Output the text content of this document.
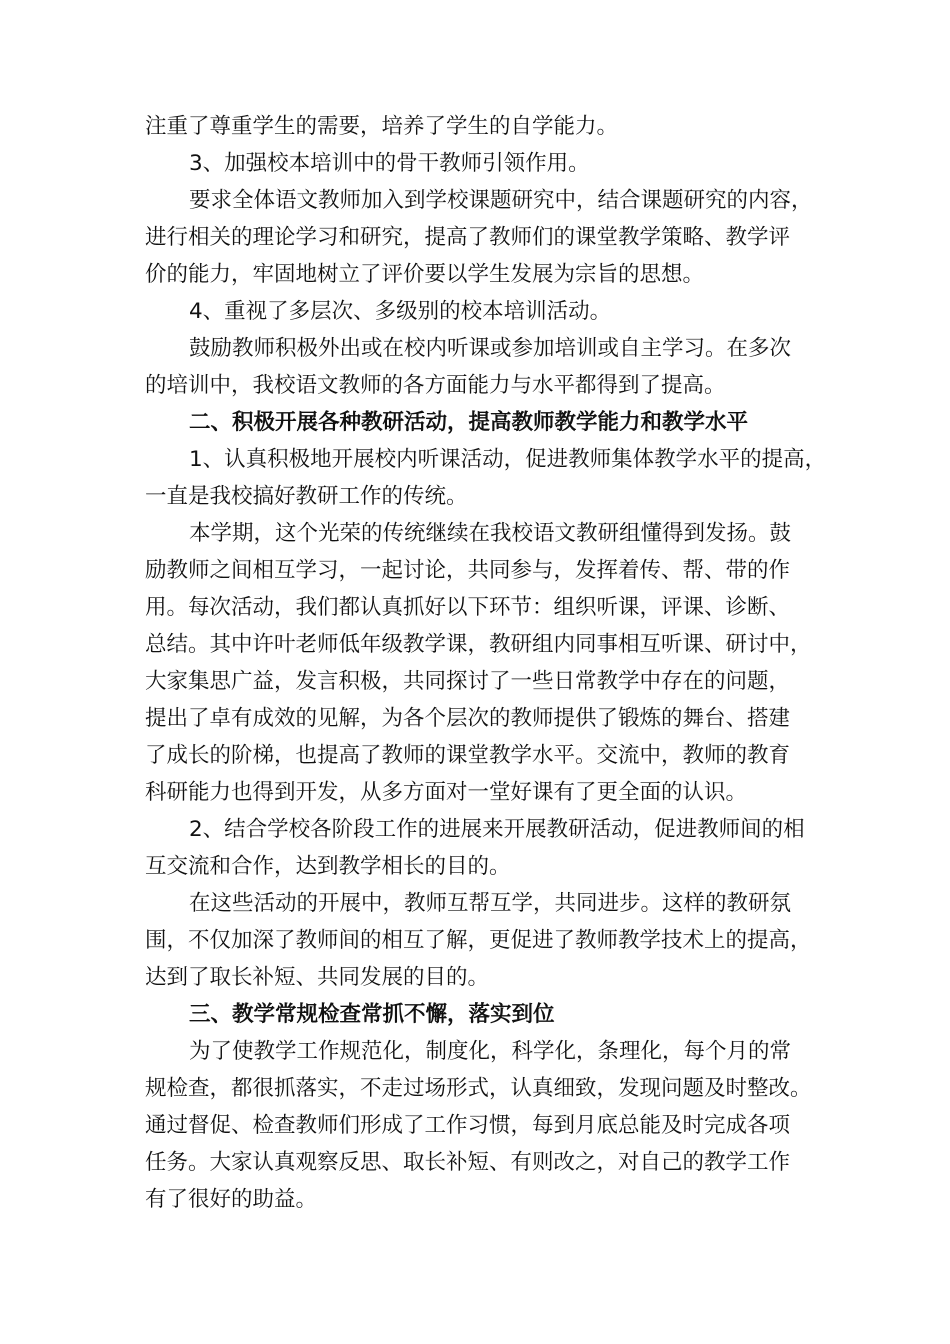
注重了尊重学生的需要，培养了学生的自学能力。
3、加强校本培训中的骨干教师引领作用。
要求全体语文教师加入到学校课题研究中，结合课题研究的内容，
进行相关的理论学习和研究，提高了教师们的课堂教学策略、教学评
价的能力，牢固地树立了评价要以学生发展为宗旨的思想。
4、重视了多层次、多级别的校本培训活动。
鼓励教师积极外出或在校内听课或参加培训或自主学习。在多次
的培训中，我校语文教师的各方面能力与水平都得到了提高。
二、积极开展各种教研活动，提高教师教学能力和教学水平
1、认真积极地开展校内听课活动，促进教师集体教学水平的提高，
一直是我校搞好教研工作的传统。
本学期，这个光荣的传统继续在我校语文教研组懂得到发扬。鼓
励教师之间相互学习，一起讨论，共同参与，发挥着传、帮、带的作
用。每次活动，我们都认真抓好以下环节：组织听课，评课、诊断、
总结。其中许叶老师低年级教学课，教研组内同事相互听课、研讨中，
大家集思广益，发言积极，共同探讨了一些日常教学中存在的问题，
提出了卓有成效的见解，为各个层次的教师提供了锻炼的舞台、搭建
了成长的阶梯，也提高了教师的课堂教学水平。交流中，教师的教育
科研能力也得到开发，从多方面对一堂好课有了更全面的认识。
2、结合学校各阶段工作的进展来开展教研活动，促进教师间的相
互交流和合作，达到教学相长的目的。
在这些活动的开展中，教师互帮互学，共同进步。这样的教研氛
围，不仅加深了教师间的相互了解，更促进了教师教学技术上的提高，
达到了取长补短、共同发展的目的。
三、教学常规检查常抓不懈，落实到位
为了使教学工作规范化，制度化，科学化，条理化，每个月的常
规检查，都很抓落实，不走过场形式，认真细致，发现问题及时整改。
通过督促、检查教师们形成了工作习惯，每到月底总能及时完成各项
任务。大家认真观察反思、取长补短、有则改之，对自己的教学工作
有了很好的助益。
